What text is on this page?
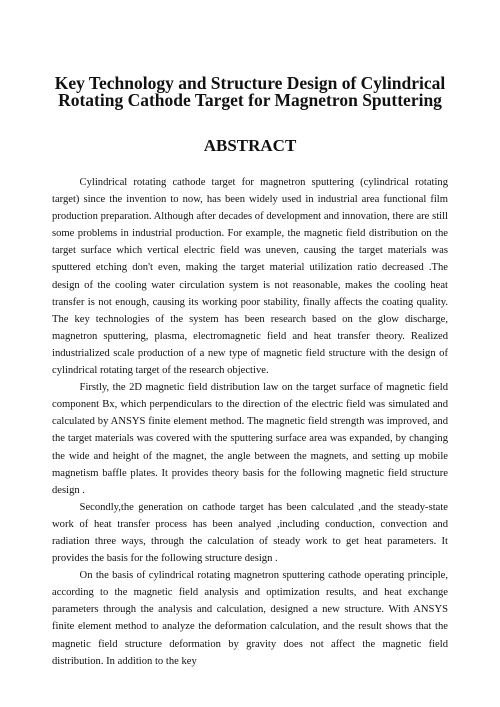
Key Technology and Structure Design of Cylindrical
Rotating Cathode Target for Magnetron Sputtering
ABSTRACT

Cylindrical rotating cathode target for magnetron sputtering (cylindrical rotating target) since the invention to now, has been widely used in industrial area functional film production preparation. Although after decades of development and innovation, there are still some problems in industrial production. For example, the magnetic field distribution on the target surface which vertical electric field was uneven, causing the target materials was sputtered etching don't even, making the target material utilization ratio decreased .The design of the cooling water circulation system is not reasonable, makes the cooling heat transfer is not enough, causing its working poor stability, finally affects the coating quality. The key technologies of the system has been research based on the glow discharge, magnetron sputtering, plasma, electromagnetic field and heat transfer theory. Realized industrialized scale production of a new type of magnetic field structure with the design of cylindrical rotating target of the research objective.

Firstly, the 2D magnetic field distribution law on the target surface of magnetic field component Bx, which perpendiculars to the direction of the electric field was simulated and calculated by ANSYS finite element method. The magnetic field strength was improved, and the target materials was covered with the sputtering surface area was expanded, by changing the wide and height of the magnet, the angle between the magnets, and setting up mobile magnetism baffle plates. It provides theory basis for the following magnetic field structure design .

Secondly,the generation on cathode target has been calculated ,and the steady-state work of heat transfer process has been analyed ,including conduction, convection and radiation three ways, through the calculation of steady work to get heat parameters. It provides the basis for the following structure design .

On the basis of cylindrical rotating magnetron sputtering cathode operating principle, according to the magnetic field analysis and optimization results, and heat exchange parameters through the analysis and calculation, designed a new structure. With ANSYS finite element method to analyze the deformation calculation, and the result shows that the magnetic field structure deformation by gravity does not affect the magnetic field distribution. In addition to the key
